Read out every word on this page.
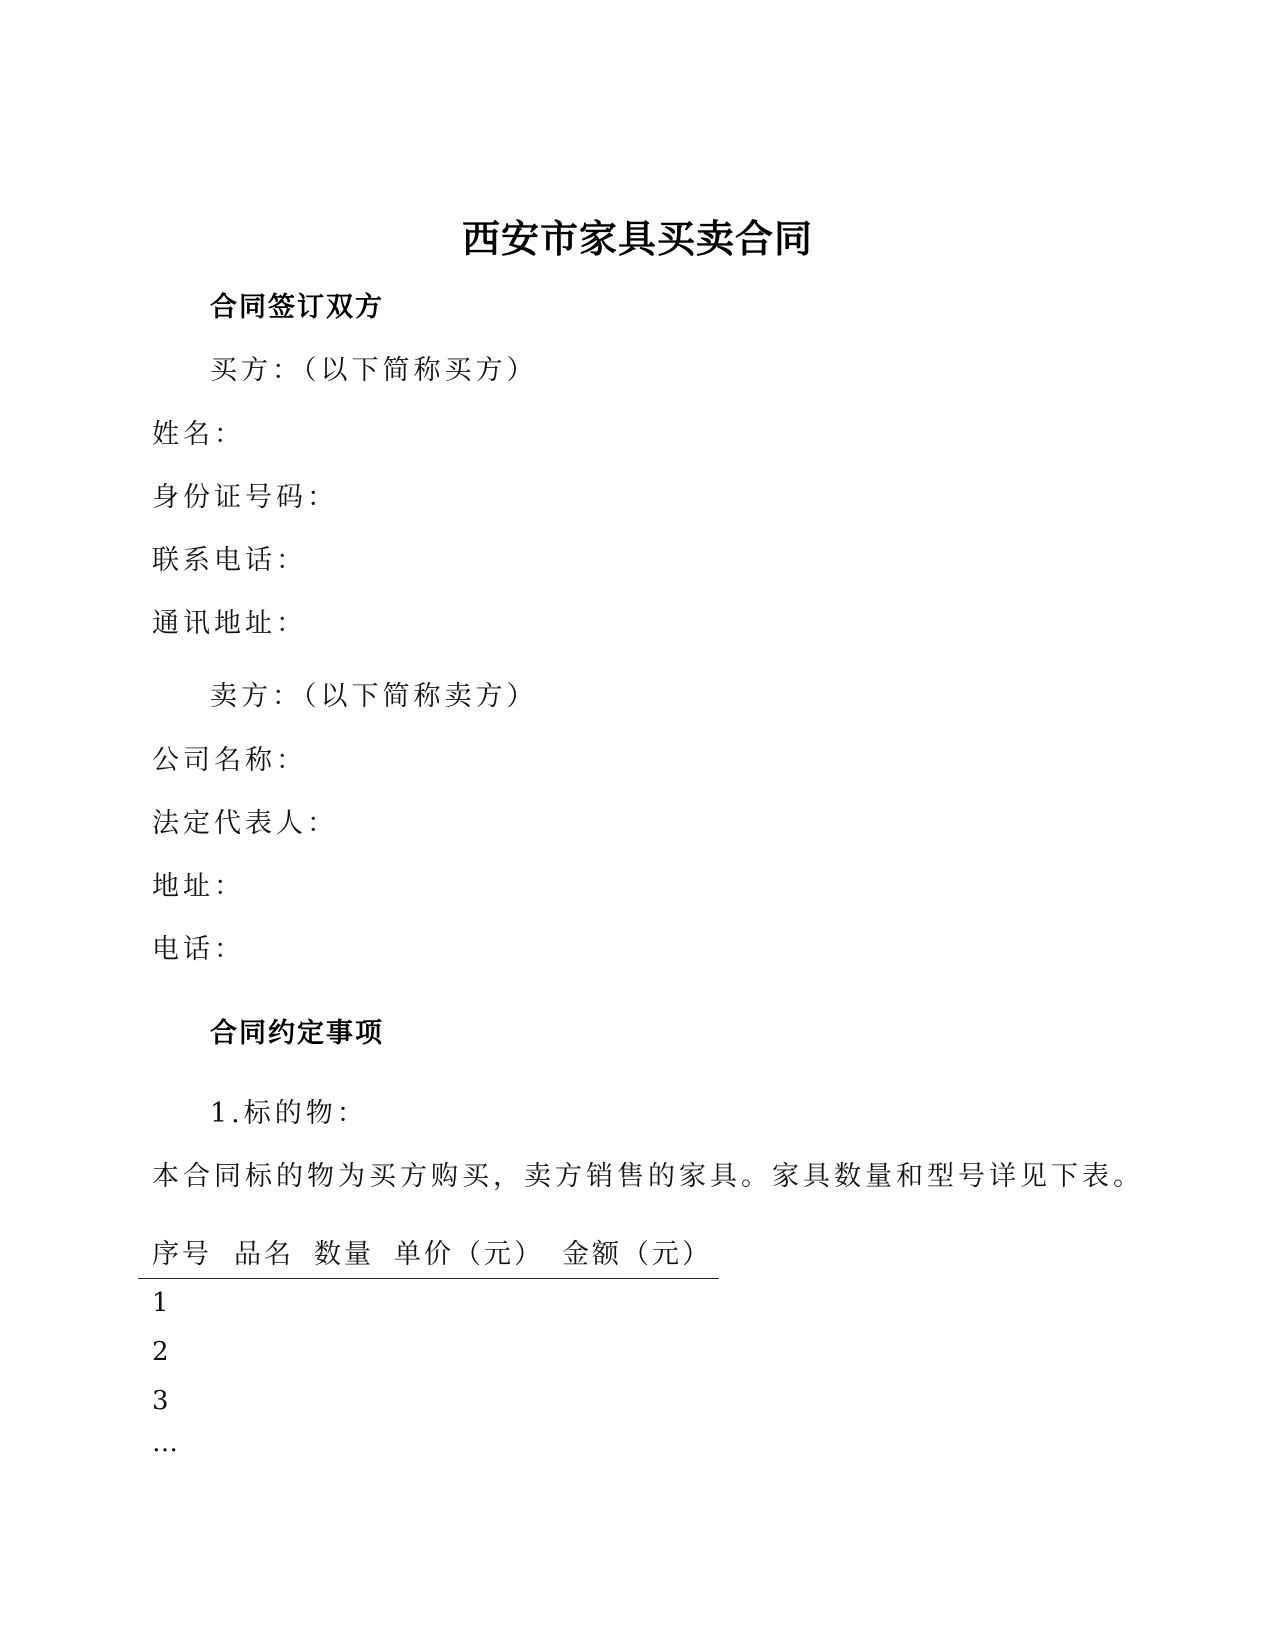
西安市家具买卖合同
合同签订双方
买方：（以下简称买方）
姓名：
身份证号码：
联系电话：
通讯地址：
卖方：（以下简称卖方）
公司名称：
法定代表人：
地址：
电话：
合同约定事项
1.标的物：
本合同标的物为买方购买，卖方销售的家具。家具数量和型号详见下表。
序号 品名 数量 单价（元） 金额（元）
1
2
3
…
